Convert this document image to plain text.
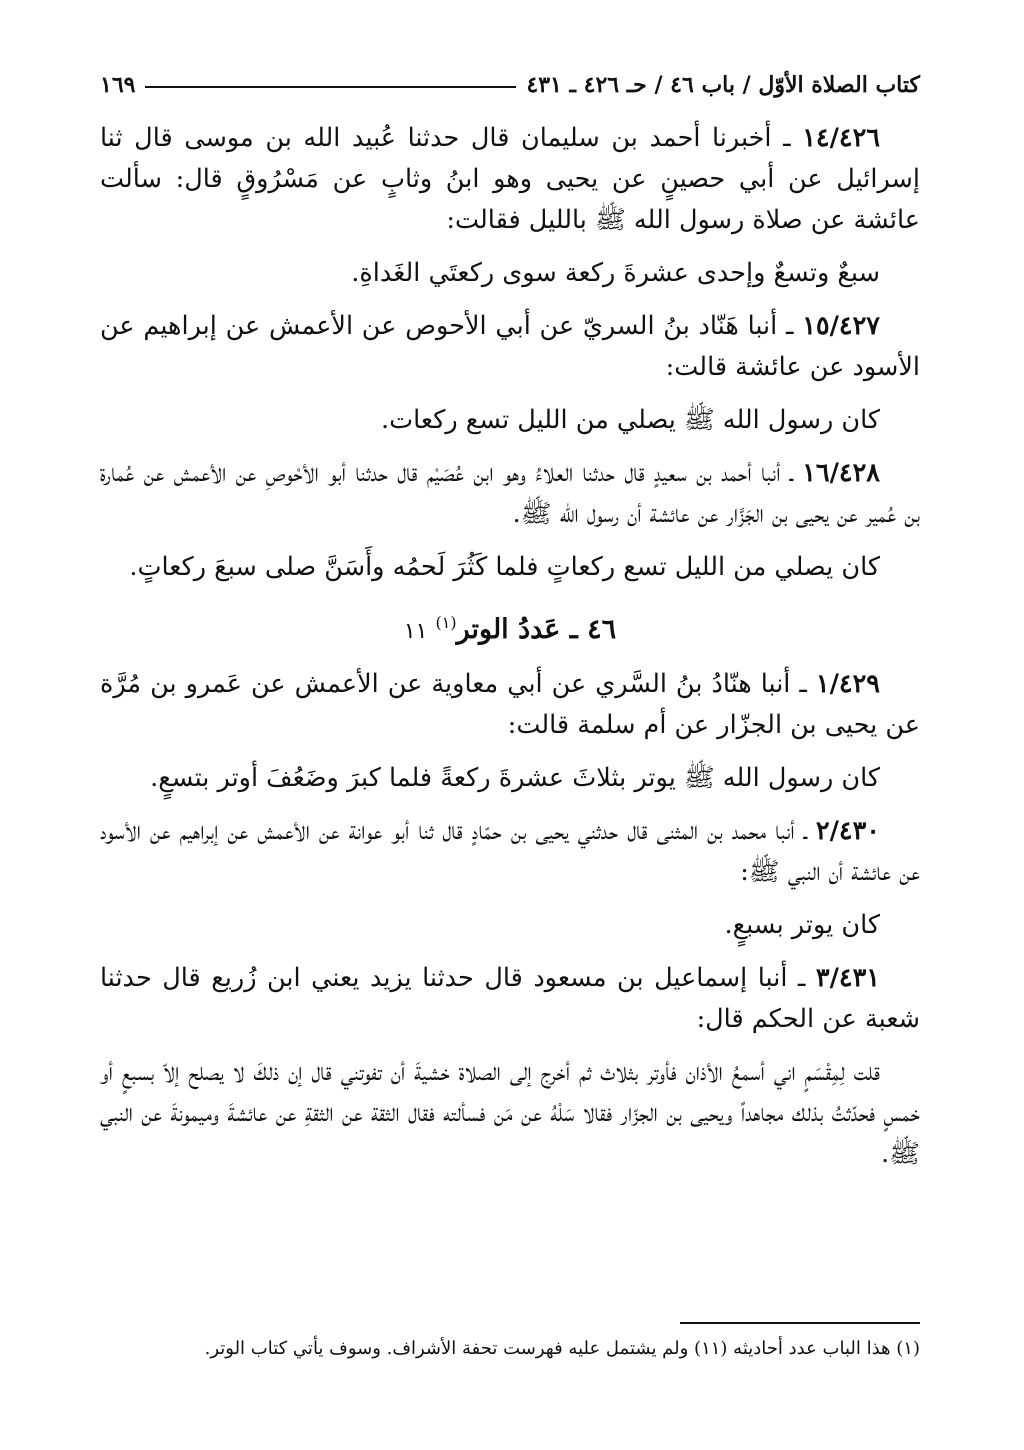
كتاب الصلاة الأوّل / باب ٤٦ / حـ ٤٢٦ ـ ٤٣١
١٦٩

١٤/٤٢٦ ـ أخبرنا أحمد بن سليمان قال حدثنا عُبيد الله بن موسى قال ثنا إسرائيل عن أبي حصينٍ عن يحيى وهو ابنُ وثابٍ عن مَسْرُوقٍ قال: سألت عائشة عن صلاة رسول الله ﷺ بالليل فقالت:

سبعٌ وتسعٌ وإحدى عشرةَ ركعة سوى ركعتَي الغَداةِ.

١٥/٤٢٧ ـ أنبا هَنّاد بنُ السريّ عن أبي الأحوص عن الأعمش عن إبراهيم عن الأسود عن عائشة قالت:

كان رسول الله ﷺ يصلي من الليل تسع ركعات.

١٦/٤٢٨ ـ أنبا أحمد بن سعيدٍ قال حدثنا العلاءُ وهو ابن عُصَيْم قال حدثنا أبو الأحْوصِ عن الأعمش عن عُمارة بن عُمير عن يحيى بن الجَزَّار عن عائشة أن رسول الله ﷺ.

كان يصلي من الليل تسع ركعاتٍ فلما كَثُرَ لَحمُه وأَسَنَّ صلى سبعَ ركعاتٍ.

٤٦ ـ عَددُ الوتر$^{(١)}$١١

١/٤٢٩ ـ أنبا هنّادُ بنُ السَّري عن أبي معاوية عن الأعمش عن عَمرو بن مُرَّة عن يحيى بن الجزّار عن أم سلمة قالت:

كان رسول الله ﷺ يوتر بثلاثَ عشرةَ ركعةً فلما كبرَ وضَعُفَ أوتر بتسعٍ.

٢/٤٣٠ ـ أنبا محمد بن المثنى قال حدثني يحيى بن حمّادٍ قال ثنا أبو عوانة عن الأعمش عن إبراهيم عن الأسود عن عائشة أن النبي ﷺ:

كان يوتر بسبعٍ.

٣/٤٣١ ـ أنبا إسماعيل بن مسعود قال حدثنا يزيد يعني ابن زُريع قال حدثنا شعبة عن الحكم قال:

قلت لِمِقْسَمٍ اني أسمعُ الأذان فأوتر بثلاث ثم أخرج إلى الصلاة خشيةَ أن تفوتني قال إن ذلكَ لا يصلح إلاّ بسبعٍ أو خمسٍ فحدّثتُ بذلك مجاهداً ويحيى بن الجزّار فقالا سَلْهُ عن مَن فسألته فقال الثقة عن الثقةِ عن عائشةَ وميمونةَ عن النبي ﷺ.

(١) هذا الباب عدد أحاديثه (١١) ولم يشتمل عليه فهرست تحفة الأشراف. وسوف يأتي كتاب الوتر.
